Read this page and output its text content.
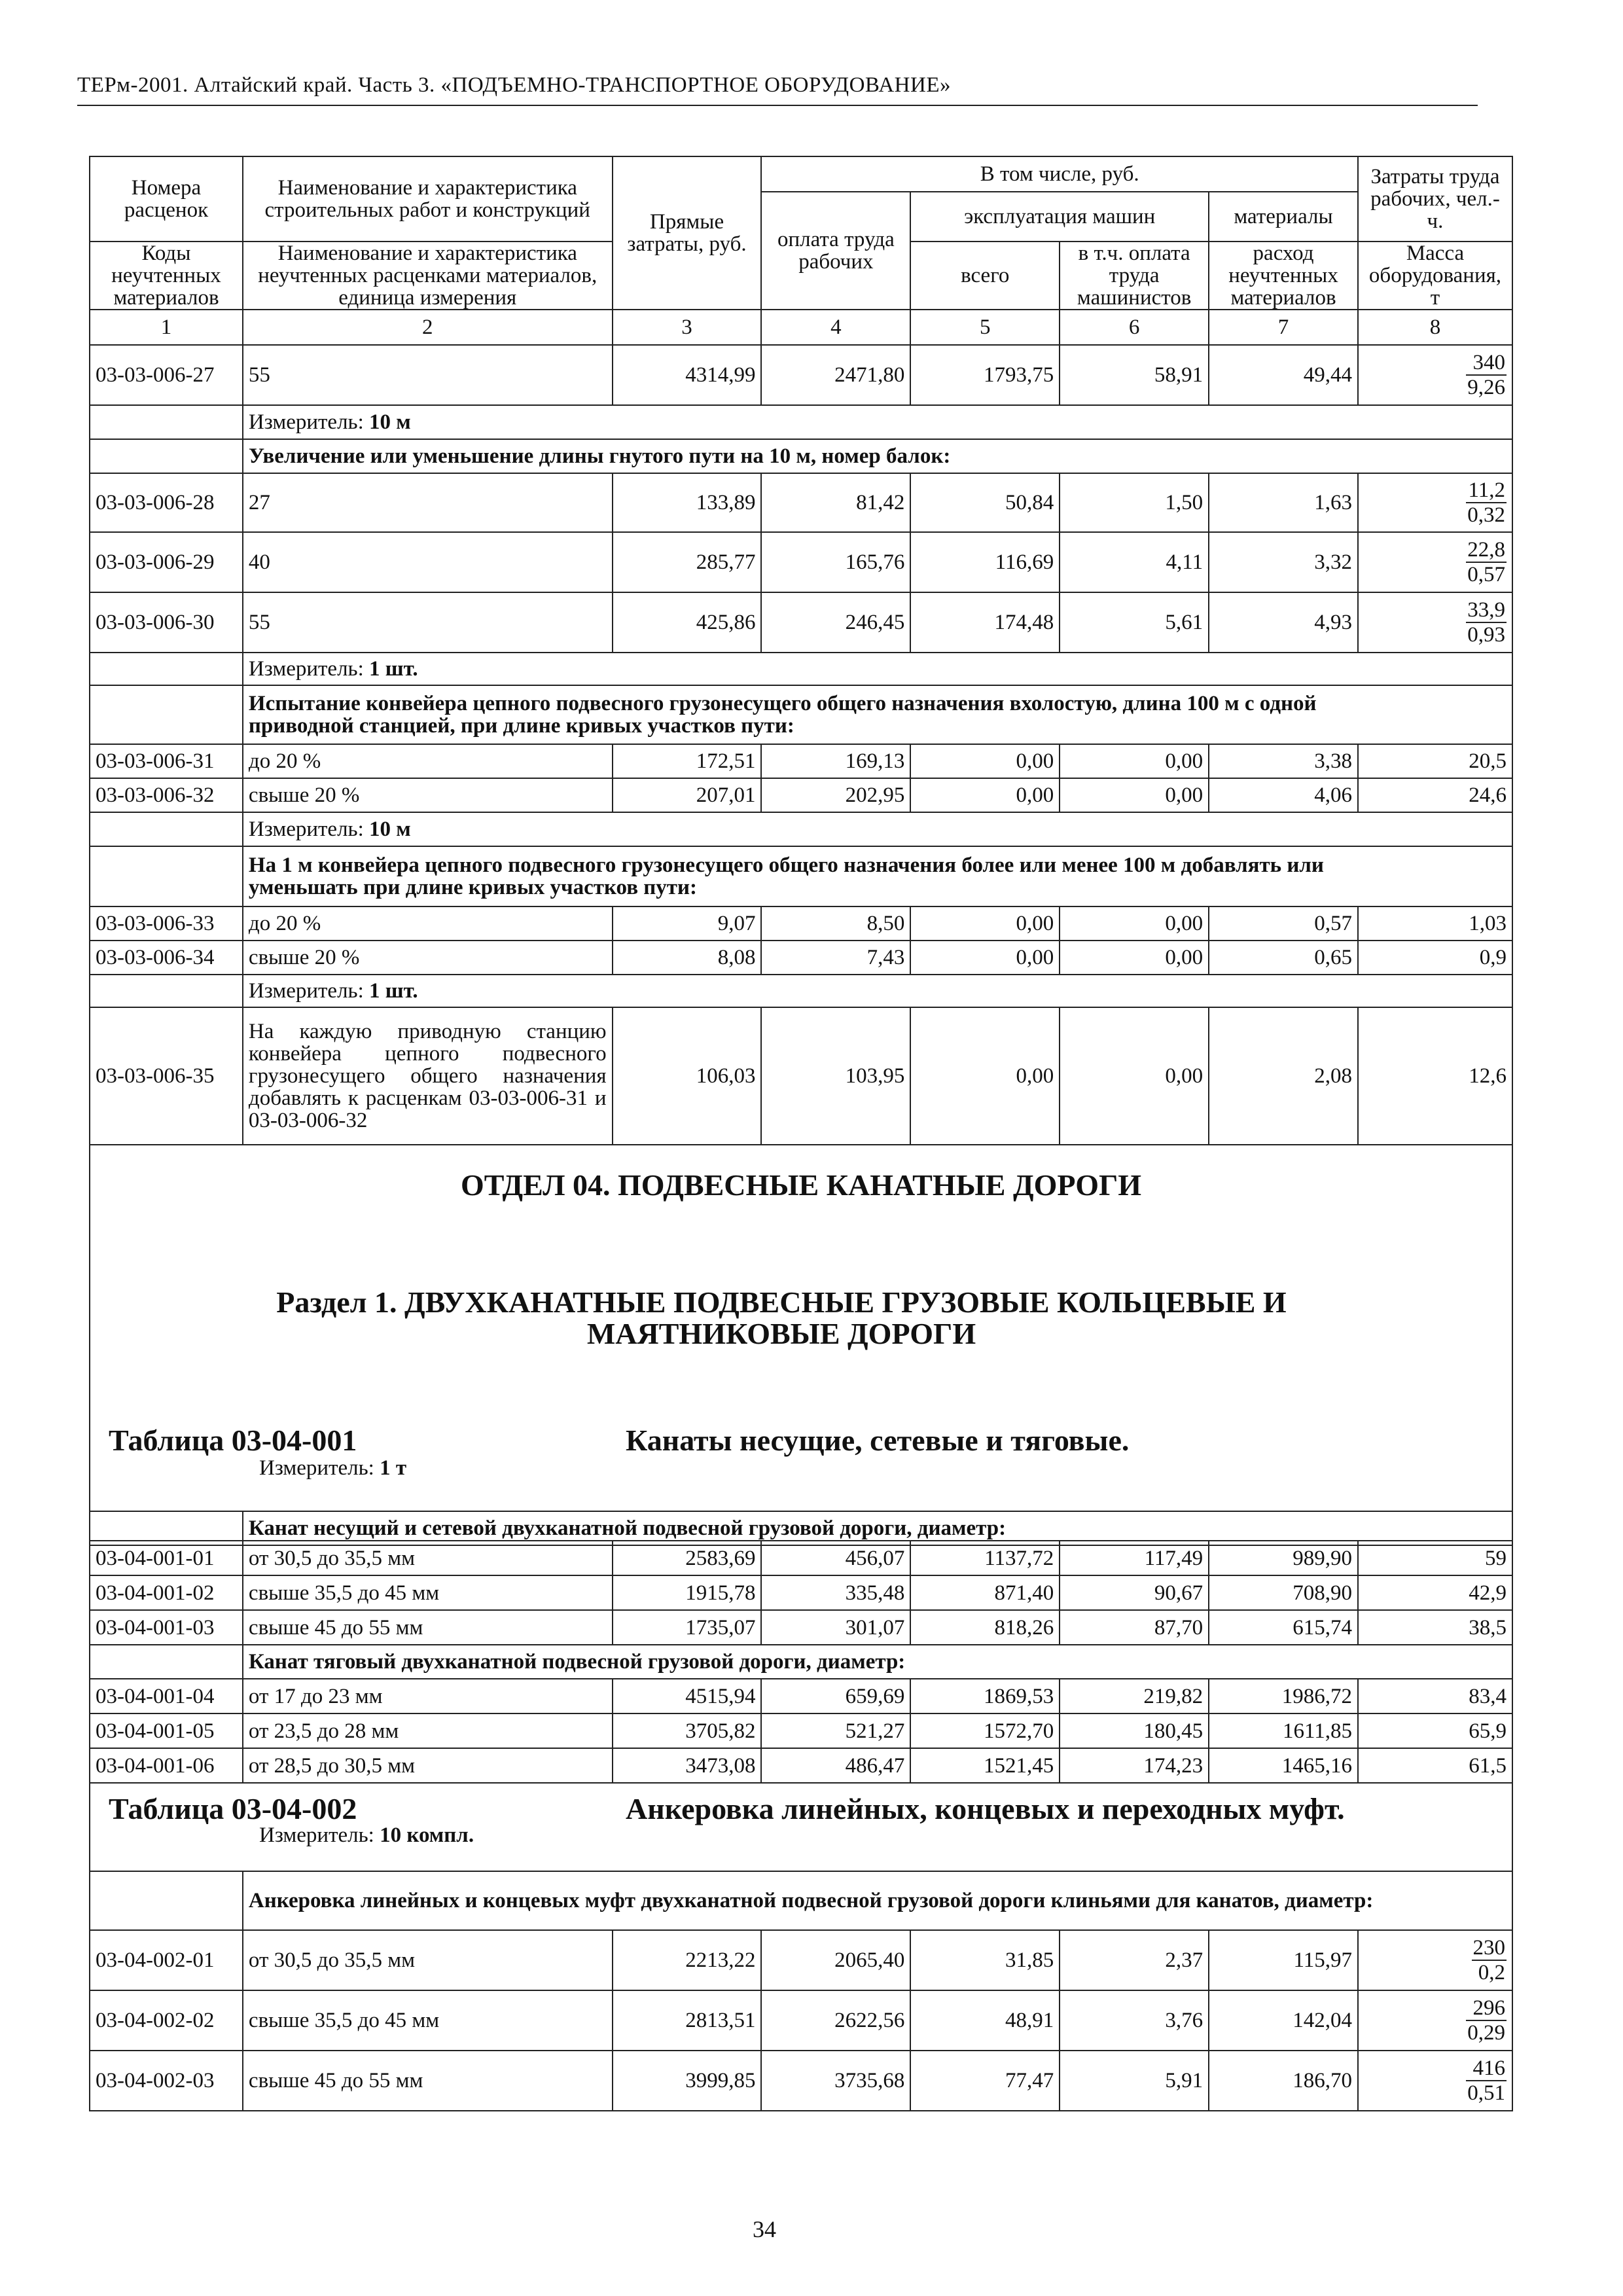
ТЕРм-2001. Алтайский край. Часть 3. «ПОДЪЕМНО-ТРАНСПОРТНОЕ ОБОРУДОВАНИЕ»
Номера расценок	Наименование и характеристика строительных работ и конструкций	Прямые затраты, руб.	В том числе, руб.				Затраты труда рабочих, чел.-ч.
			оплата труда рабочих	эксплуатация машин		материалы	
Коды неучтенных материалов	Наименование и характеристика неучтенных расценками материалов, единица измерения			всего	в т.ч. оплата труда машинистов	расход неучтенных материалов	Масса оборудования, т
1	2	3	4	5	6	7	8
03-03-006-27	55	4314,99	2471,80	1793,75	58,91	49,44	$\frac{340}{9,26}$

	Измеритель: 10 м						
	Увеличение или уменьшение длины гнутого пути на 10 м, номер балок:						
03-03-006-28	27	133,89	81,42	50,84	1,50	1,63	$\frac{11,2}{0,32}$

03-03-006-29	40	285,77	165,76	116,69	4,11	3,32	$\frac{22,8}{0,57}$

03-03-006-30	55	425,86	246,45	174,48	5,61	4,93	$\frac{33,9}{0,93}$

	Измеритель: 1 шт.						
	Испытание конвейера цепного подвесного грузонесущего общего назначения вхолостую, длина 100 м с одной приводной станцией, при длине кривых участков пути:						
03-03-006-31	до 20 %	172,51	169,13	0,00	0,00	3,38	20,5
03-03-006-32	свыше 20 %	207,01	202,95	0,00	0,00	4,06	24,6
	Измеритель: 10 м						
	На 1 м конвейера цепного подвесного грузонесущего общего назначения более или менее 100 м добавлять или уменьшать при длине кривых участков пути:						
03-03-006-33	до 20 %	9,07	8,50	0,00	0,00	0,57	1,03
03-03-006-34	свыше 20 %	8,08	7,43	0,00	0,00	0,65	0,9
	Измеритель: 1 шт.						
03-03-006-35	На каждую приводную станцию конвейера цепного подвесного грузонесущего общего назначения добавлять к расценкам 03-03-006-31 и 03-03-006-32	106,03	103,95	0,00	0,00	2,08	12,6

ОТДЕЛ 04. ПОДВЕСНЫЕ КАНАТНЫЕ ДОРОГИ
Раздел 1. ДВУХКАНАТНЫЕ ПОДВЕСНЫЕ ГРУЗОВЫЕ КОЛЬЦЕВЫЕ И МАЯТНИКОВЫЕ ДОРОГИ
Таблица 03-04-001 Канаты несущие, сетевые и тяговые.
Измеритель: 1 т							

	Канат несущий и сетевой двухканатной подвесной грузовой дороги, диаметр:						
03-04-001-01	от 30,5 до 35,5 мм	2583,69	456,07	1137,72	117,49	989,90	59
03-04-001-02	свыше 35,5 до 45 мм	1915,78	335,48	871,40	90,67	708,90	42,9
03-04-001-03	свыше 45 до 55 мм	1735,07	301,07	818,26	87,70	615,74	38,5
	Канат тяговый двухканатной подвесной грузовой дороги, диаметр:						
03-04-001-04	от 17 до 23 мм	4515,94	659,69	1869,53	219,82	1986,72	83,4
03-04-001-05	от 23,5 до 28 мм	3705,82	521,27	1572,70	180,45	1611,85	65,9
03-04-001-06	от 28,5 до 30,5 мм	3473,08	486,47	1521,45	174,23	1465,16	61,5

Таблица 03-04-002 Анкеровка линейных, концевых и переходных муфт.
Измеритель: 10 компл.							

	Анкеровка линейных и концевых муфт двухканатной подвесной грузовой дороги клиньями для канатов, диаметр:						
03-04-002-01	от 30,5 до 35,5 мм	2213,22	2065,40	31,85	2,37	115,97	$\frac{230}{0,2}$

03-04-002-02	свыше 35,5 до 45 мм	2813,51	2622,56	48,91	3,76	142,04	$\frac{296}{0,29}$

03-04-002-03	свыше 45 до 55 мм	3999,85	3735,68	77,47	5,91	186,70	$\frac{416}{0,51}$
34
